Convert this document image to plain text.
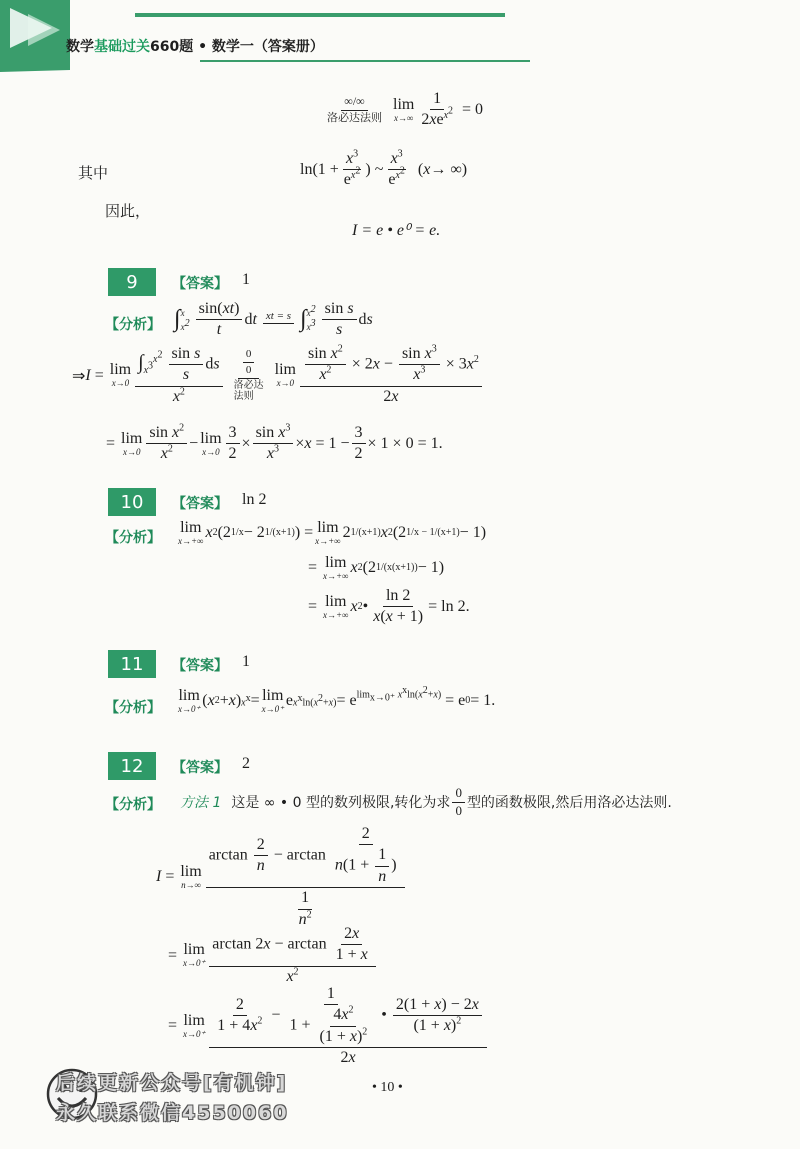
数学基础过关660题 • 数学一（答案册）
$\frac{\infty/\infty}{\text{洛必达法则}}$ lim
$x\to\infty \frac{1}{2xe^{x^2}} = 0$
其中	$\ln(1 + \frac{x^3}{e^{x^2}}$ ) ~ $\frac{x^3}{e^{x^2}}$ ( x → ∞)
因此，
I = e • e⁰ = e.
9	【答案】 1
【分析】 ∫ x
$x^2 \frac{\sin(xt)}{t}$ d t xt = s
∫ $x^2$
$x^3 \frac{\text{sin s}}{s}$ d s
⇒ I = lim
$x\to 0 \frac{\int_{x^3}^{x^2} \frac{\text{sin s}}{s} ds}{x^2} \frac{0}{0}$
洛必达
法则
lim
$x\to 0 \frac{\frac{\sin x^2}{x^2} \times 2x - \frac{\sin x^3}{x^3} \times 3x^2}{2x}$
= lim
$x\to 0 \frac{\sin x^2}{x^2} - \lim$
$x\to 0 \frac{3}{2} \times \frac{\sin x^3}{x^3} \times x = 1 - \frac{3}{2} \times 1 \times 0 = 1$.
10	【答案】 ln 2
【分析】
lim
x→+∞ x 2 (2 1/x − 2 1/(x+1) ) = lim
x→+∞ 2 1/(x+1) x 2 (2 1/x − 1/(x+1) − 1)
= lim
x→+∞ x 2 (2 1/(x(x+1)) − 1)
= lim
x→+∞ x 2 • $\frac{\ln 2}{x(x + 1)} = \ln 2$.
11	【答案】 1
【分析】
lim
x→0⁺ ( x 2 + x ) $x^x = \lim$
x→0⁺ e $x^x\ln(x^2+x) = e^{lim_{x\to 0^+} x^xln(x^2+x)} = e$ 0 = 1.
12	【答案】 2
【分析】 方法 1 这是 ∞ • 0 型的数列极限,转化为求 $\frac{0}{0}$ 型的函数极限,然后用洛必达法则.
I = lim
$n\to\infty \frac{\arctan \frac{2}{n} - \arctan \frac{2}{n(1 + \frac{1}{n} )}}{\frac{1}{n^2}}$
= lim
$x\to 0^+ \frac{\arctan 2x - \arctan \frac{2x}{1 + x}}{x^2}$
= lim
$x\to 0^+ \frac{\frac{2}{1 + 4x^2} - \frac{1}{1 + \frac{4x^2}{(1 + x)^2}} • \frac{2(1 + x) - 2x}{(1 + x)^2}}{2x}$
• 10 •
后续更新公众号[有机钟]
永久联系微信4550060
